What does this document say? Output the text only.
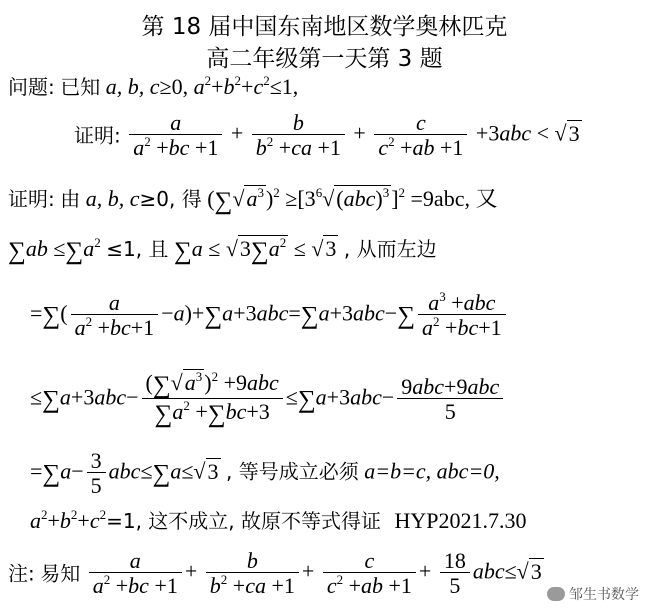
第 18 届中国东南地区数学奥林匹克
高二年级第一天第 3 题
问题: 已知 a, b, c≥0, $a^2+b^2+c^2\le 1$,
证明: $\frac{a}{a^2 +bc +1} + \frac{b}{b^2 +ca +1} + \frac{c}{c^2 +ab +1} +3abc < √3$
证明: 由 a, b, c≥0, 得 $(\sum√a^3)^2 \ge[3^6√(abc)^3]^2 =9abc$, 又
$\sum ab \le\sum a^2 \le 1$, 且 $\sum a \le √3\sum a^2 \le √3$ , 从而左边
=∑( $\frac{a}{a^2 +bc+1} -a)+\sum a+3abc=\sum a+3abc-\sum \frac{a^3 +abc}{a^2 +bc+1}$
$\le\sum a+3abc- \frac{(\sum√a^3)^2 +9abc}{\sum a^2 +\sum bc+3} \le\sum a+3abc- \frac{\text{9abc+9abc}}{5}$
$=\sum a- \frac{3}{5} abc\le\sum a\le√3$ , 等号成立必须 a=b=c, abc=0,
$a^2+b^2+c^2=1$, 这不成立, 故原不等式得证 HYP2021.7.30
注: 易知 $\frac{a}{a^2 +bc +1} + \frac{b}{b^2 +ca +1} + \frac{c}{c^2 +ab +1} + \frac{18}{5} abc\le√3$
邹生书数学
